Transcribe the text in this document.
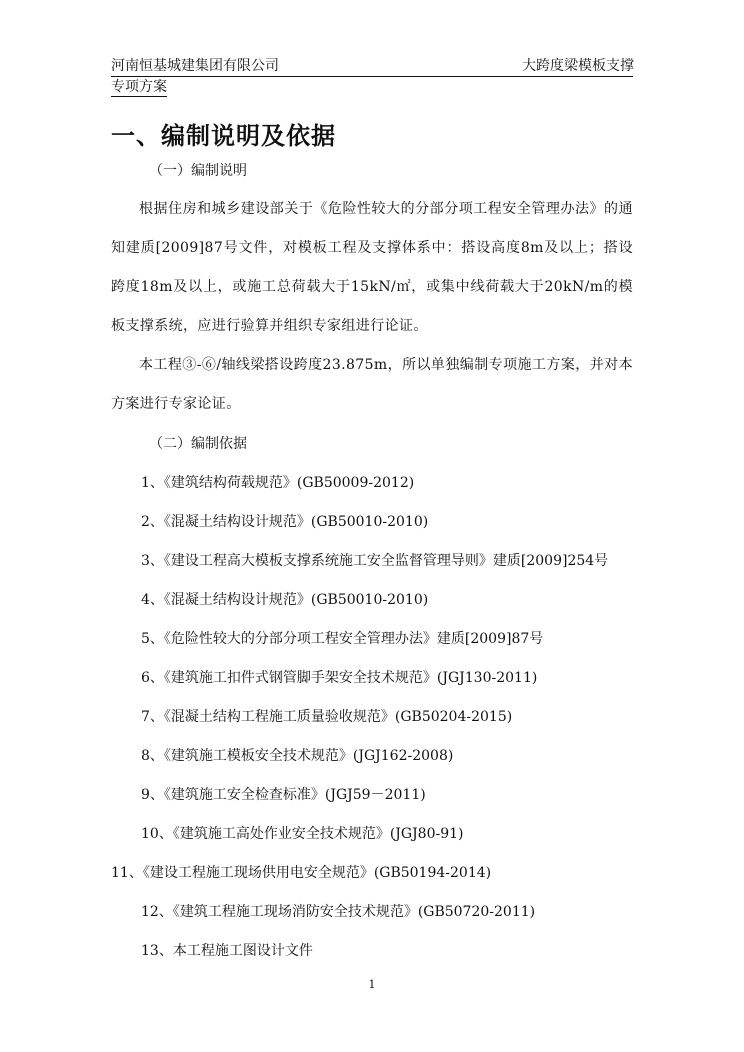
河南恒基城建集团有限公司	大跨度梁模板支撑
专项方案
一、编制说明及依据
（一）编制说明
根据住房和城乡建设部关于《危险性较大的分部分项工程安全管理办法》的通知建质[2009]87号文件，对模板工程及支撑体系中：搭设高度8m及以上；搭设跨度18m及以上，或施工总荷载大于15kN/㎡，或集中线荷载大于20kN/m的模板支撑系统，应进行验算并组织专家组进行论证。
本工程③-⑥/轴线梁搭设跨度23.875m，所以单独编制专项施工方案，并对本方案进行专家论证。
（二）编制依据
1、《建筑结构荷载规范》(GB50009-2012)
2、《混凝土结构设计规范》(GB50010-2010)
3、《建设工程高大模板支撑系统施工安全监督管理导则》建质[2009]254号
4、《混凝土结构设计规范》(GB50010-2010)
5、《危险性较大的分部分项工程安全管理办法》建质[2009]87号
6、《建筑施工扣件式钢管脚手架安全技术规范》(JGJ130-2011)
7、《混凝土结构工程施工质量验收规范》(GB50204-2015)
8、《建筑施工模板安全技术规范》(JGJ162-2008)
9、《建筑施工安全检查标准》(JGJ59－2011)
10、《建筑施工高处作业安全技术规范》(JGJ80-91)
11、《建设工程施工现场供用电安全规范》(GB50194-2014)
12、《建筑工程施工现场消防安全技术规范》(GB50720-2011)
13、本工程施工图设计文件
1
